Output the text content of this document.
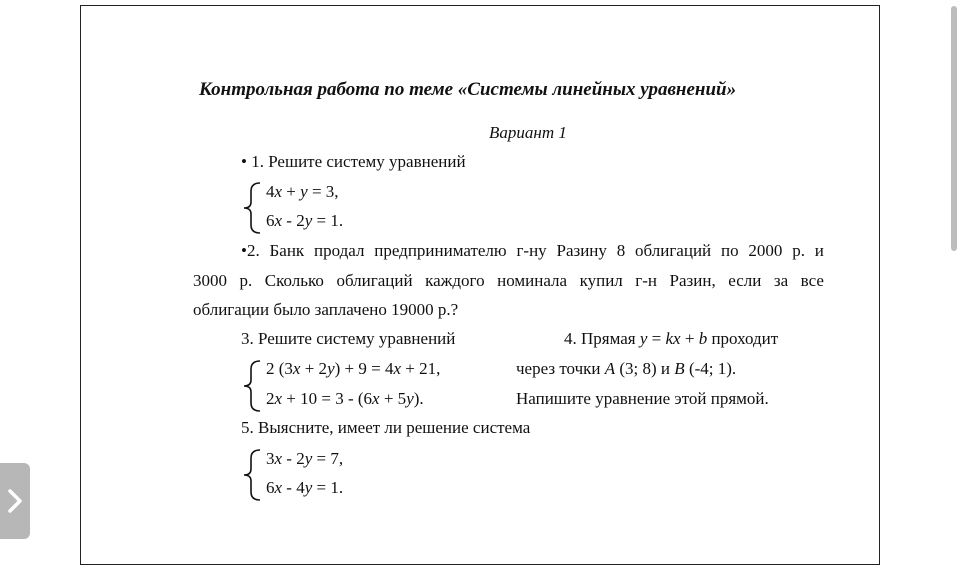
Контрольная работа по теме «Системы линейных уравнений»
Вариант 1
• 1. Решите систему уравнений
4x + y = 3,
6x - 2y = 1.
•2. Банк продал предпринимателю г-ну Разину 8 облигаций по 2000 р. и
3000 р. Сколько облигаций каждого номинала купил г-н Разин, если за все
облигации было заплачено 19000 р.?
3. Решите систему уравнений
2 (3x + 2y) + 9 = 4x + 21,
2x + 10 = 3 - (6x + 5y).
4. Прямая y = kx + b проходит
через точки A (3; 8) и B (-4; 1).
Напишите уравнение этой прямой.
5. Выясните, имеет ли решение система
3x - 2y = 7,
6x - 4y = 1.
